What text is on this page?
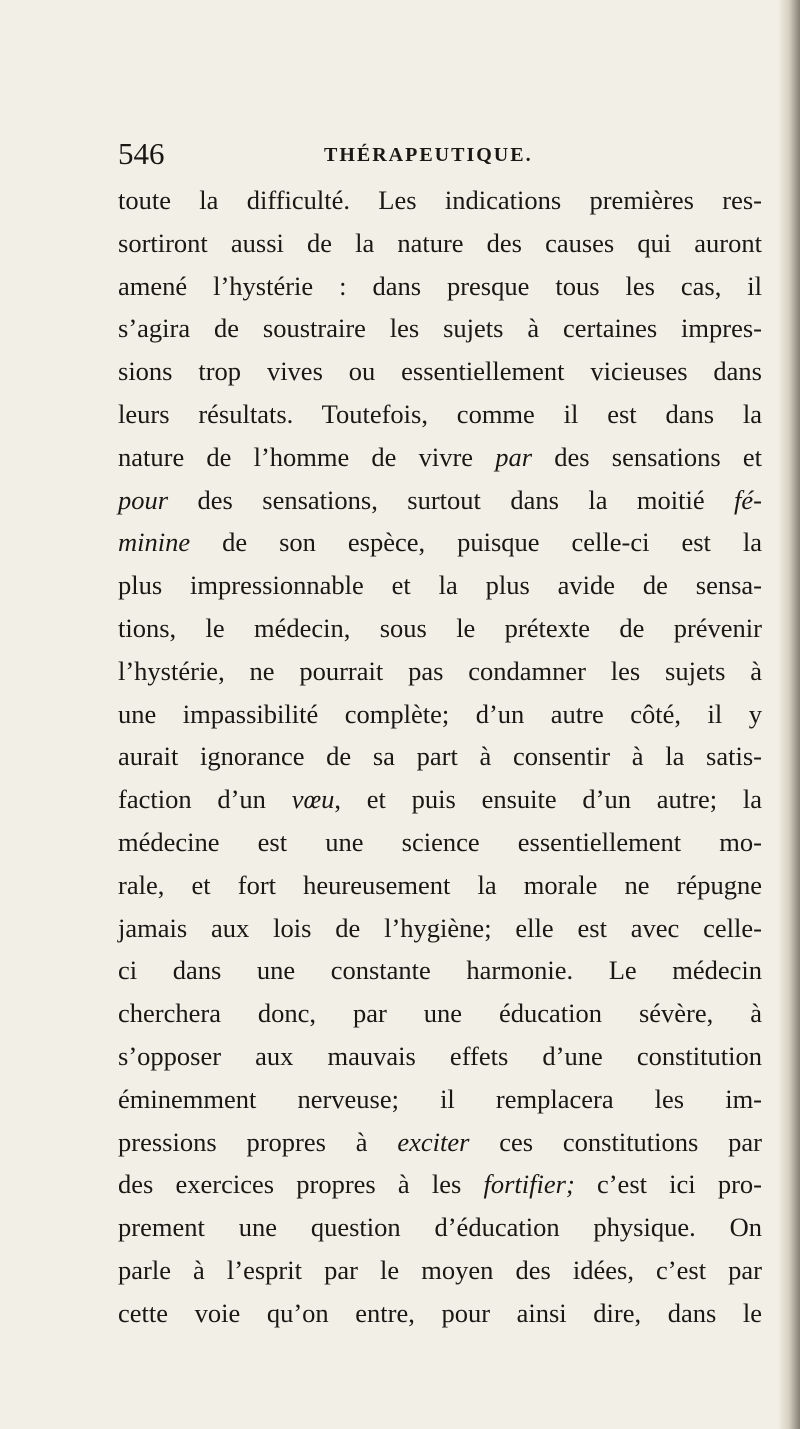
546	THÉRAPEUTIQUE.
toute la difficulté. Les indications premières res-
sortiront aussi de la nature des causes qui auront
amené l’hystérie : dans presque tous les cas, il
s’agira de soustraire les sujets à certaines impres-
sions trop vives ou essentiellement vicieuses dans
leurs résultats. Toutefois, comme il est dans la
nature de l’homme de vivre par des sensations et
pour des sensations, surtout dans la moitié fé-
minine de son espèce, puisque celle-ci est la
plus impressionnable et la plus avide de sensa-
tions, le médecin, sous le prétexte de prévenir
l’hystérie, ne pourrait pas condamner les sujets à
une impassibilité complète; d’un autre côté, il y
aurait ignorance de sa part à consentir à la satis-
faction d’un vœu, et puis ensuite d’un autre; la
médecine est une science essentiellement mo-
rale, et fort heureusement la morale ne répugne
jamais aux lois de l’hygiène; elle est avec celle-
ci dans une constante harmonie. Le médecin
cherchera donc, par une éducation sévère, à
s’opposer aux mauvais effets d’une constitution
éminemment nerveuse; il remplacera les im-
pressions propres à exciter ces constitutions par
des exercices propres à les fortifier; c’est ici pro-
prement une question d’éducation physique. On
parle à l’esprit par le moyen des idées, c’est par
cette voie qu’on entre, pour ainsi dire, dans le
